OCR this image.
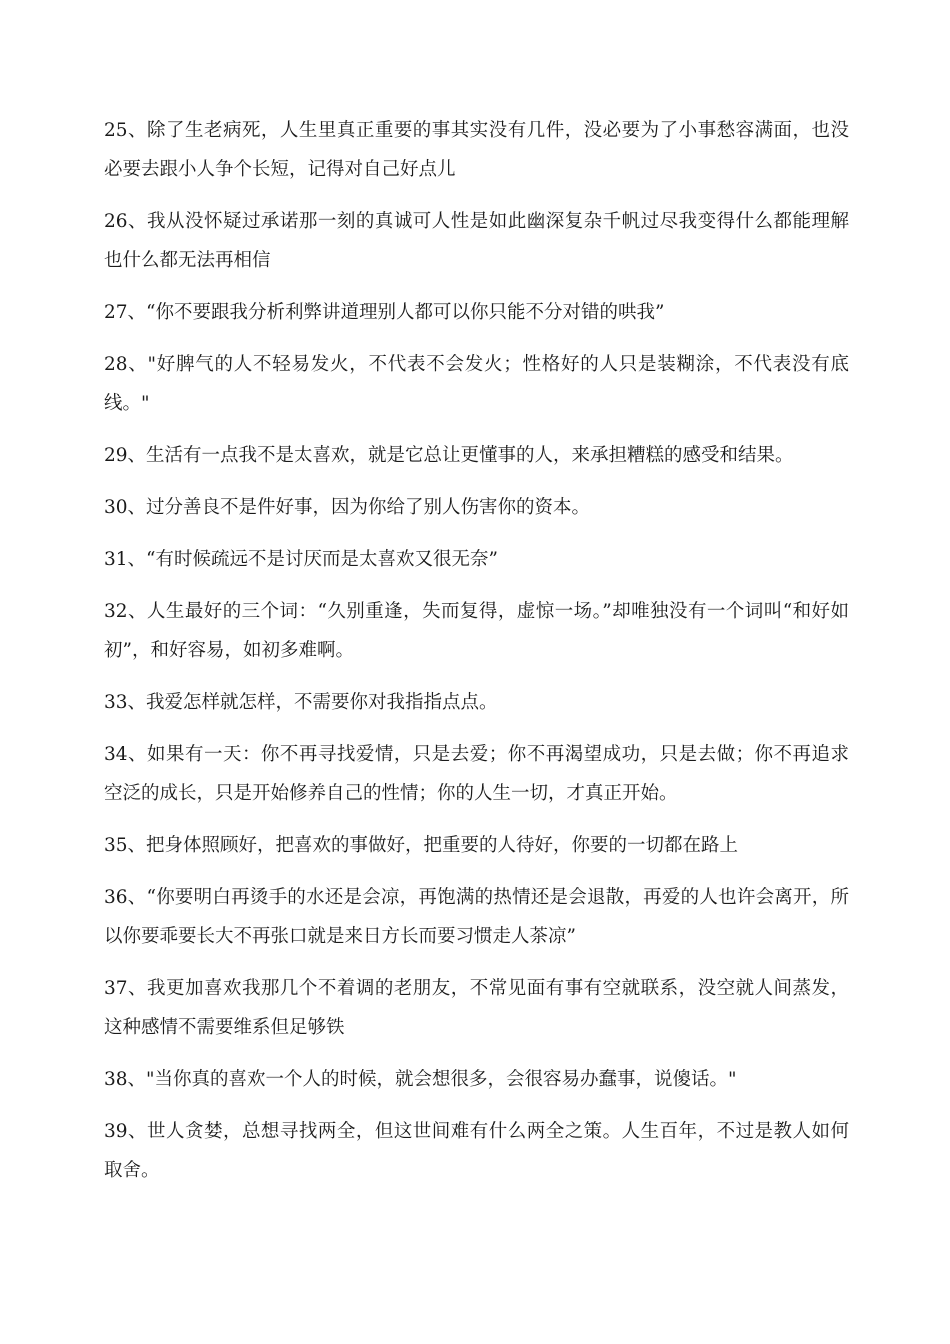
25、除了生老病死，人生里真正重要的事其实没有几件，没必要为了小事愁容满面，也没必要去跟小人争个长短，记得对自己好点儿

26、我从没怀疑过承诺那一刻的真诚可人性是如此幽深复杂千帆过尽我变得什么都能理解也什么都无法再相信

27、“你不要跟我分析利弊讲道理别人都可以你只能不分对错的哄我”

28、"好脾气的人不轻易发火，不代表不会发火；性格好的人只是装糊涂，不代表没有底线。"

29、生活有一点我不是太喜欢，就是它总让更懂事的人，来承担糟糕的感受和结果。

30、过分善良不是件好事，因为你给了别人伤害你的资本。

31、“有时候疏远不是讨厌而是太喜欢又很无奈”

32、人生最好的三个词：“久别重逢，失而复得，虚惊一场。”却唯独没有一个词叫“和好如初”，和好容易，如初多难啊。

33、我爱怎样就怎样，不需要你对我指指点点。

34、如果有一天：你不再寻找爱情，只是去爱；你不再渴望成功，只是去做；你不再追求空泛的成长，只是开始修养自己的性情；你的人生一切，才真正开始。

35、把身体照顾好，把喜欢的事做好，把重要的人待好，你要的一切都在路上

36、“你要明白再烫手的水还是会凉，再饱满的热情还是会退散，再爱的人也许会离开，所以你要乖要长大不再张口就是来日方长而要习惯走人茶凉”

37、我更加喜欢我那几个不着调的老朋友，不常见面有事有空就联系，没空就人间蒸发，这种感情不需要维系但足够铁

38、"当你真的喜欢一个人的时候，就会想很多，会很容易办蠢事，说傻话。"

39、世人贪婪，总想寻找两全，但这世间难有什么两全之策。人生百年，不过是教人如何取舍。
